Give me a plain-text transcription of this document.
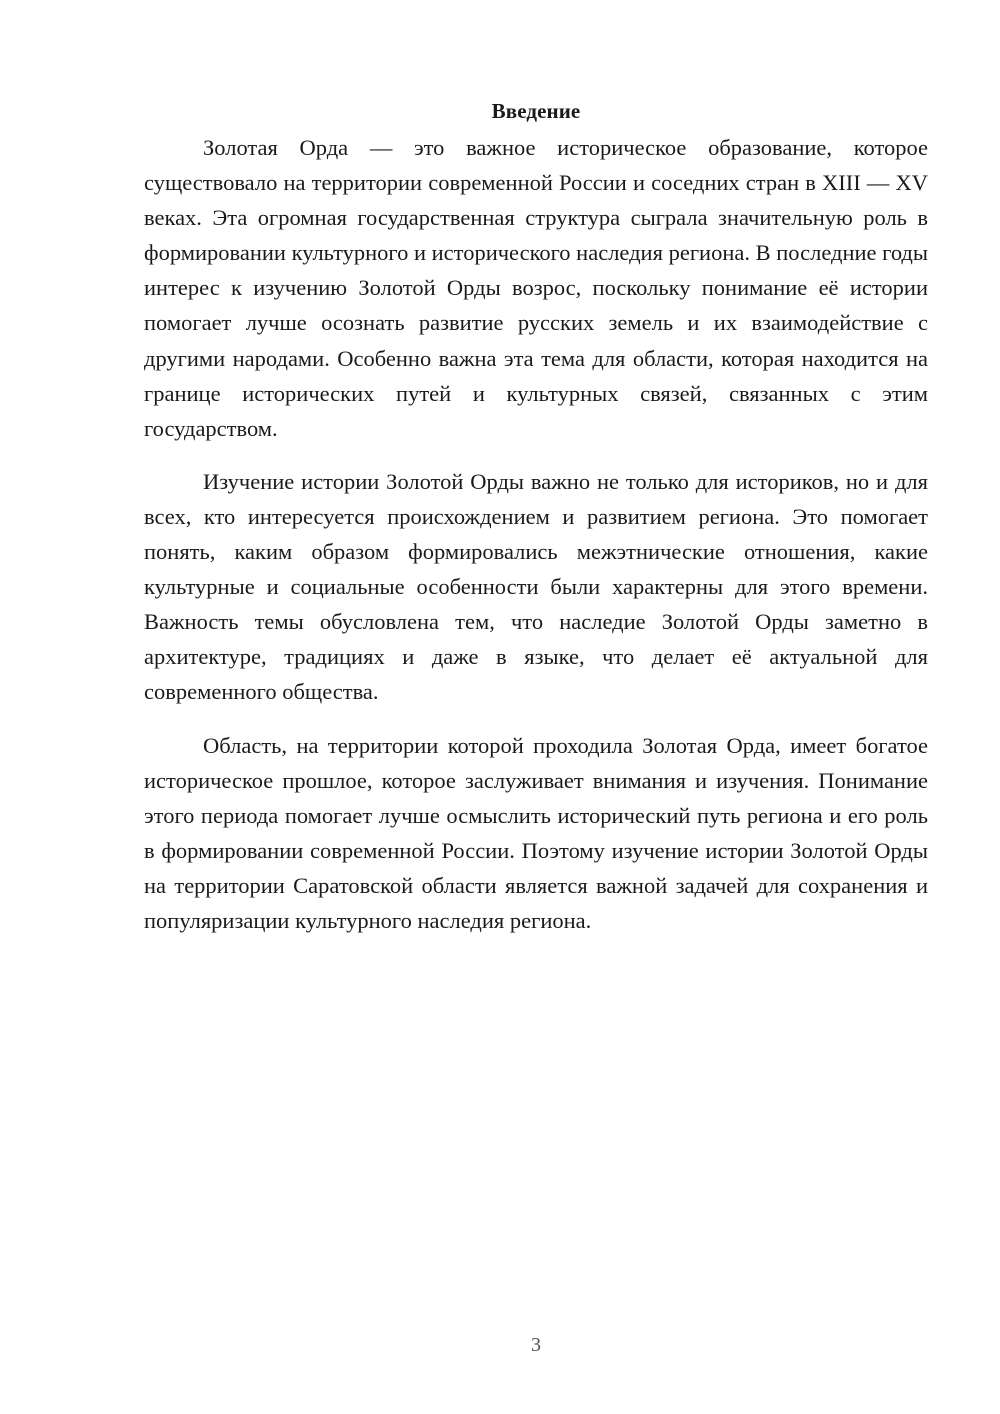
Введение

Золотая Орда — это важное историческое образование, которое существовало на территории современной России и соседних стран в XIII — XV веках. Эта огромная государственная структура сыграла значительную роль в формировании культурного и исторического наследия региона. В последние годы интерес к изучению Золотой Орды возрос, поскольку понимание её истории помогает лучше осознать развитие русских земель и их взаимодействие с другими народами. Особенно важна эта тема для области, которая находится на границе исторических путей и культурных связей, связанных с этим государством.

Изучение истории Золотой Орды важно не только для историков, но и для всех, кто интересуется происхождением и развитием региона. Это помогает понять, каким образом формировались межэтнические отношения, какие культурные и социальные особенности были характерны для этого времени. Важность темы обусловлена тем, что наследие Золотой Орды заметно в архитектуре, традициях и даже в языке, что делает её актуальной для современного общества.

Область, на территории которой проходила Золотая Орда, имеет богатое историческое прошлое, которое заслуживает внимания и изучения. Понимание этого периода помогает лучше осмыслить исторический путь региона и его роль в формировании современной России. Поэтому изучение истории Золотой Орды на территории Саратовской области является важной задачей для сохранения и популяризации культурного наследия региона.

3
